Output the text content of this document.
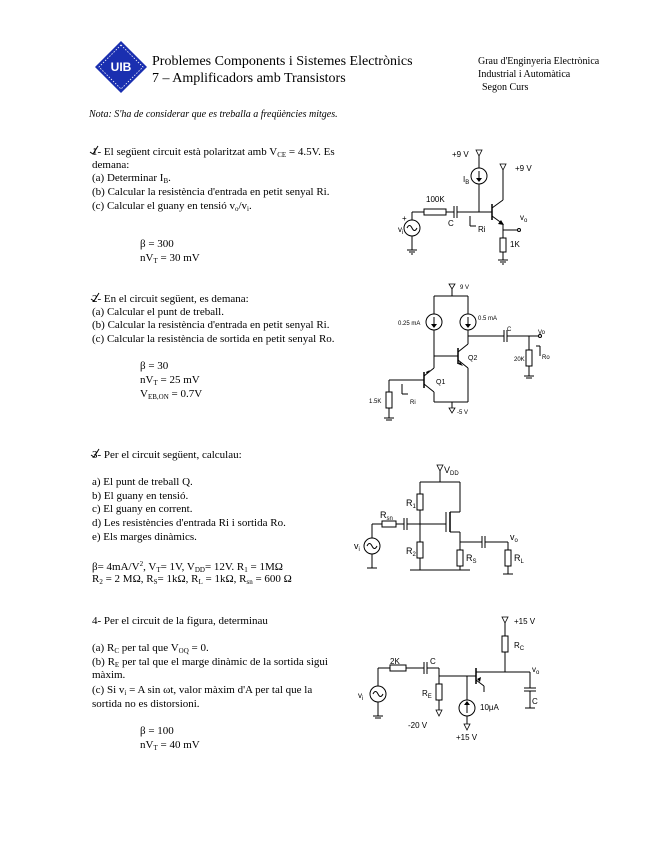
UIB Problemes Components i Sistemes Electrònics
7 – Amplificadors amb Transistors
Grau d'Enginyeria Electrònica
Industrial i Automàtica
Segon Curs
Nota: S'ha de considerar que es treballa a freqüències mitges.
1- El següent circuit està polaritzat amb $V_{CE} = 4.5V$. Es
demana:
(a) Determinar $I_B$.
(b) Calcular la resistència d'entrada en petit senyal Ri.
(c) Calcular el guany en tensió $v_o/v_i$.
β = 300
$nV_T = 30$ mV
+9 V
$I_B$
+9 V
$v_o$
1K
100K
C
Ri
+
$v_i$
2- En el circuit següent, es demana:
(a) Calcular el punt de treball.
(b) Calcular la resistència d'entrada en petit senyal Ri.
(c) Calcular la resistència de sortida en petit senyal Ro.
β = 30
$nV_T = 25$ mV
$V_{EB,ON} = 0.7V$
9 V
0.25 mA
0.5 mA
C	Vo
20K	Ro
Q2
Q1
-5 V
1.5K	Ri
3- Per el circuit següent, calculau:
a) El punt de treball Q.
b) El guany en tensió.
c) El guany en corrent.
d) Les resistències d'entrada Ri i sortida Ro.
e) Els marges dinàmics.
$\beta= 4mA/V^2$, $V_T= 1V$, $V_{DD}= 12V$. $R_1 = 1M\Omega$
$R_2 = 2$ MΩ, $R_S= 1k\Omega$, $R_L = 1k\Omega$, $R_{sn} = 600$ Ω
$V_{DD}$
$R_1$
$R_2$	$R_S$
$v_o$
$R_L$
$R_{sn}$
$v_i$
4- Per el circuit de la figura, determinau
(a) $R_C$ per tal que $V_{OQ} = 0$.
(b) $R_E$ per tal que el marge dinàmic de la sortida sigui
màxim.
(c) Si $v_i = A$ sin ωt, valor màxim d'A per tal que la
sortida no es distorsioni.
β = 100
$nV_T = 40$ mV
+15 V
$R_C$
$v_o$
C
10μA
+15 V
$R_E$
-20 V
2K	C
$v_i$
